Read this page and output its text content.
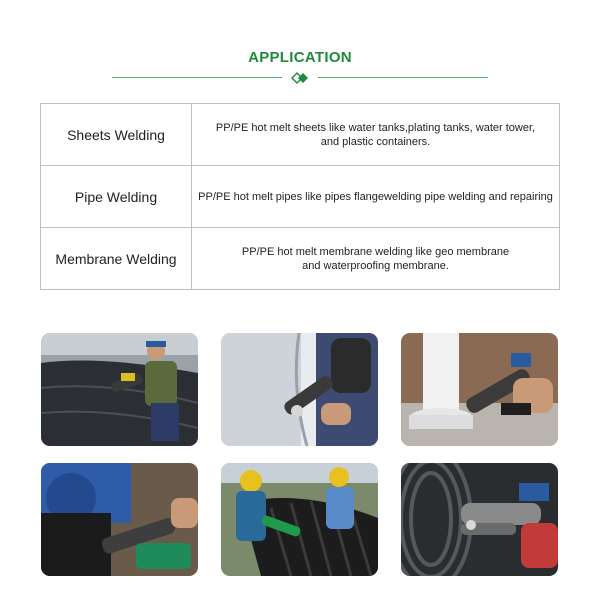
APPLICATION
Sheets Welding	PP/PE hot melt sheets like water tanks,plating tanks, water tower,
and plastic containers.

Pipe Welding	PP/PE hot melt pipes like pipes flangewelding pipe welding and repairing

Membrane Welding	PP/PE hot melt membrane welding like geo membrane
and waterproofing membrane.
